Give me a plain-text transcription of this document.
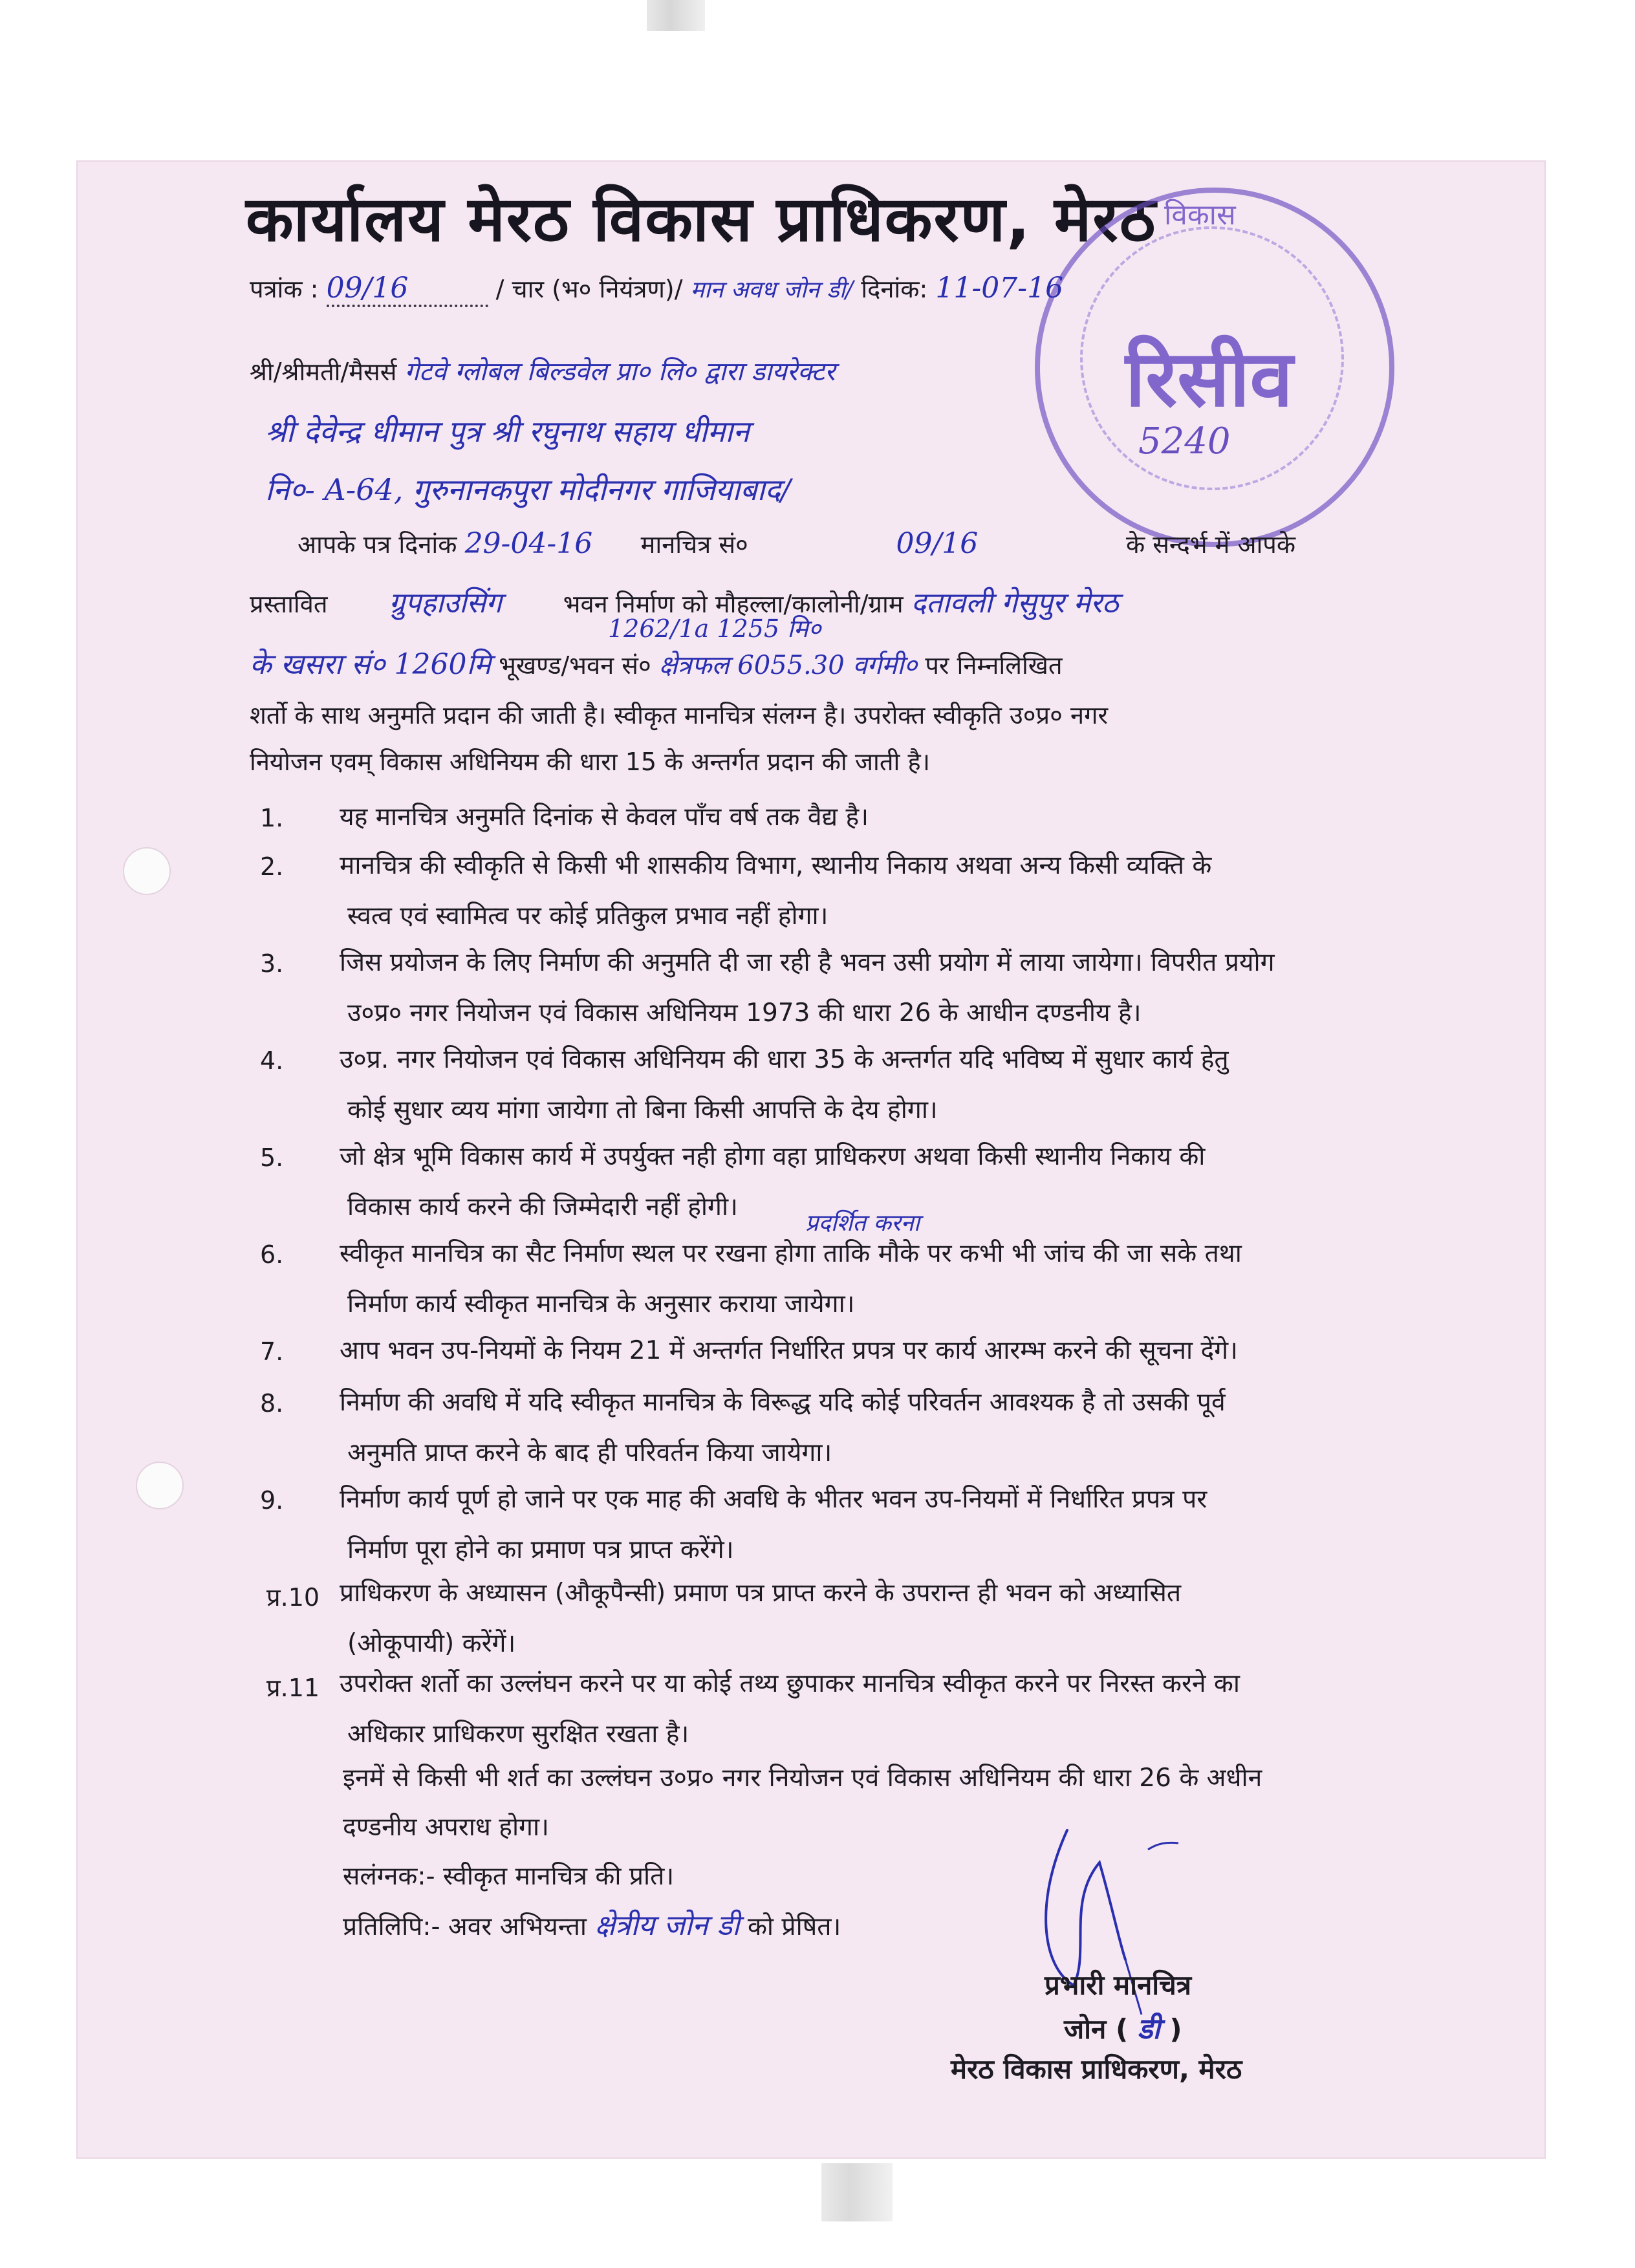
कार्यालय मेरठ विकास प्राधिकरण, मेरठ विकास
रिसीव
5240
पत्रांक : 09/16	/ चार (भ० नियंत्रण)/ मान अवध जोन डी/ दिनांक: 11-07-16
श्री/श्रीमती/मैसर्स गेटवे ग्लोबल बिल्डवेल प्रा० लि० द्वारा डायरेक्टर
श्री देवेन्द्र धीमान पुत्र श्री रघुनाथ सहाय धीमान
नि०- A-64, गुरुनानकपुरा मोदीनगर गाजियाबाद/
आपके पत्र दिनांक 29-04-16 मानचित्र सं०	09/16	के सन्दर्भ में आपके
प्रस्तावित ग्रुपहाउसिंग भवन निर्माण को मौहल्ला/कालोनी/ग्राम दतावली गेसुपुर मेरठ
1262/1a 1255 मि०
के खसरा सं० 1260मि भूखण्ड/भवन सं० क्षेत्रफल 6055.30 वर्गमी० पर निम्नलिखित
शर्तो के साथ अनुमति प्रदान की जाती है। स्वीकृत मानचित्र संलग्न है। उपरोक्त स्वीकृति उ०प्र० नगर
नियोजन एवम् विकास अधिनियम की धारा 15 के अन्तर्गत प्रदान की जाती है।
1. यह मानचित्र अनुमति दिनांक से केवल पाँच वर्ष तक वैद्य है।
2. मानचित्र की स्वीकृति से किसी भी शासकीय विभाग, स्थानीय निकाय अथवा अन्य किसी व्यक्ति के
स्वत्व एवं स्वामित्व पर कोई प्रतिकुल प्रभाव नहीं होगा।
3. जिस प्रयोजन के लिए निर्माण की अनुमति दी जा रही है भवन उसी प्रयोग में लाया जायेगा। विपरीत प्रयोग
उ०प्र० नगर नियोजन एवं विकास अधिनियम 1973 की धारा 26 के आधीन दण्डनीय है।
4. उ०प्र. नगर नियोजन एवं विकास अधिनियम की धारा 35 के अन्तर्गत यदि भविष्य में सुधार कार्य हेतु
कोई सुधार व्यय मांगा जायेगा तो बिना किसी आपत्ति के देय होगा।
5. जो क्षेत्र भूमि विकास कार्य में उपर्युक्त नही होगा वहा प्राधिकरण अथवा किसी स्थानीय निकाय की
विकास कार्य करने की जिम्मेदारी नहीं होगी।
6. स्वीकृत मानचित्र का सैट निर्माण स्थल पर रखना होगा ताकि मौके पर कभी भी जांच की जा सके तथा
निर्माण कार्य स्वीकृत मानचित्र के अनुसार कराया जायेगा।
7. आप भवन उप-नियमों के नियम 21 में अन्तर्गत निर्धारित प्रपत्र पर कार्य आरम्भ करने की सूचना देंगे।
8. निर्माण की अवधि में यदि स्वीकृत मानचित्र के विरूद्ध यदि कोई परिवर्तन आवश्यक है तो उसकी पूर्व
अनुमति प्राप्त करने के बाद ही परिवर्तन किया जायेगा।
9. निर्माण कार्य पूर्ण हो जाने पर एक माह की अवधि के भीतर भवन उप-नियमों में निर्धारित प्रपत्र पर
निर्माण पूरा होने का प्रमाण पत्र प्राप्त करेंगे।
प्र.10 प्राधिकरण के अध्यासन (औकूपैन्सी) प्रमाण पत्र प्राप्त करने के उपरान्त ही भवन को अध्यासित
(ओकूपायी) करेंगें।
प्र.11 उपरोक्त शर्तो का उल्लंघन करने पर या कोई तथ्य छुपाकर मानचित्र स्वीकृत करने पर निरस्त करने का
अधिकार प्राधिकरण सुरक्षित रखता है।
प्रदर्शित करना
इनमें से किसी भी शर्त का उल्लंघन उ०प्र० नगर नियोजन एवं विकास अधिनियम की धारा 26 के अधीन
दण्डनीय अपराध होगा।
सलंग्नक:- स्वीकृत मानचित्र की प्रति।
प्रतिलिपि:- अवर अभियन्ता क्षेत्रीय जोन डी को प्रेषित।
प्रभारी मानचित्र
जोन ( डी )
मेरठ विकास प्राधिकरण, मेरठ
